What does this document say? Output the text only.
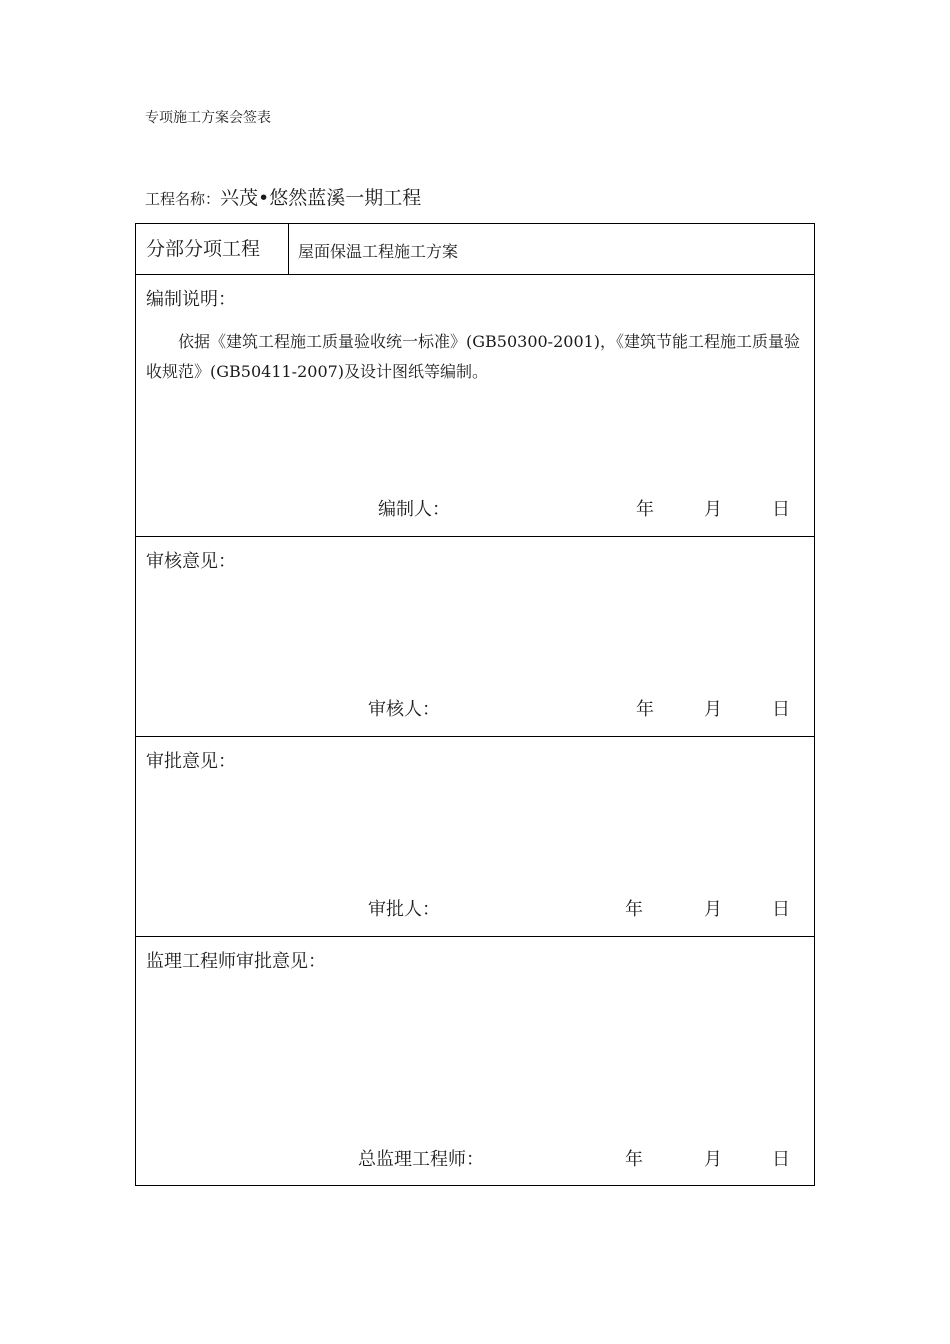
专项施工方案会签表
工程名称：兴茂•悠然蓝溪一期工程
分部分项工程 屋面保温工程施工方案
编制说明：
依据《建筑工程施工质量验收统一标准》(GB50300-2001)，《建筑节能工程施工质量验收规范》(GB50411-2007)及设计图纸等编制。
编制人：	年	月	日
审核意见：
审核人：	年	月	日
审批意见：
审批人：	年	月	日
监理工程师审批意见：
总监理工程师：	年	月	日
